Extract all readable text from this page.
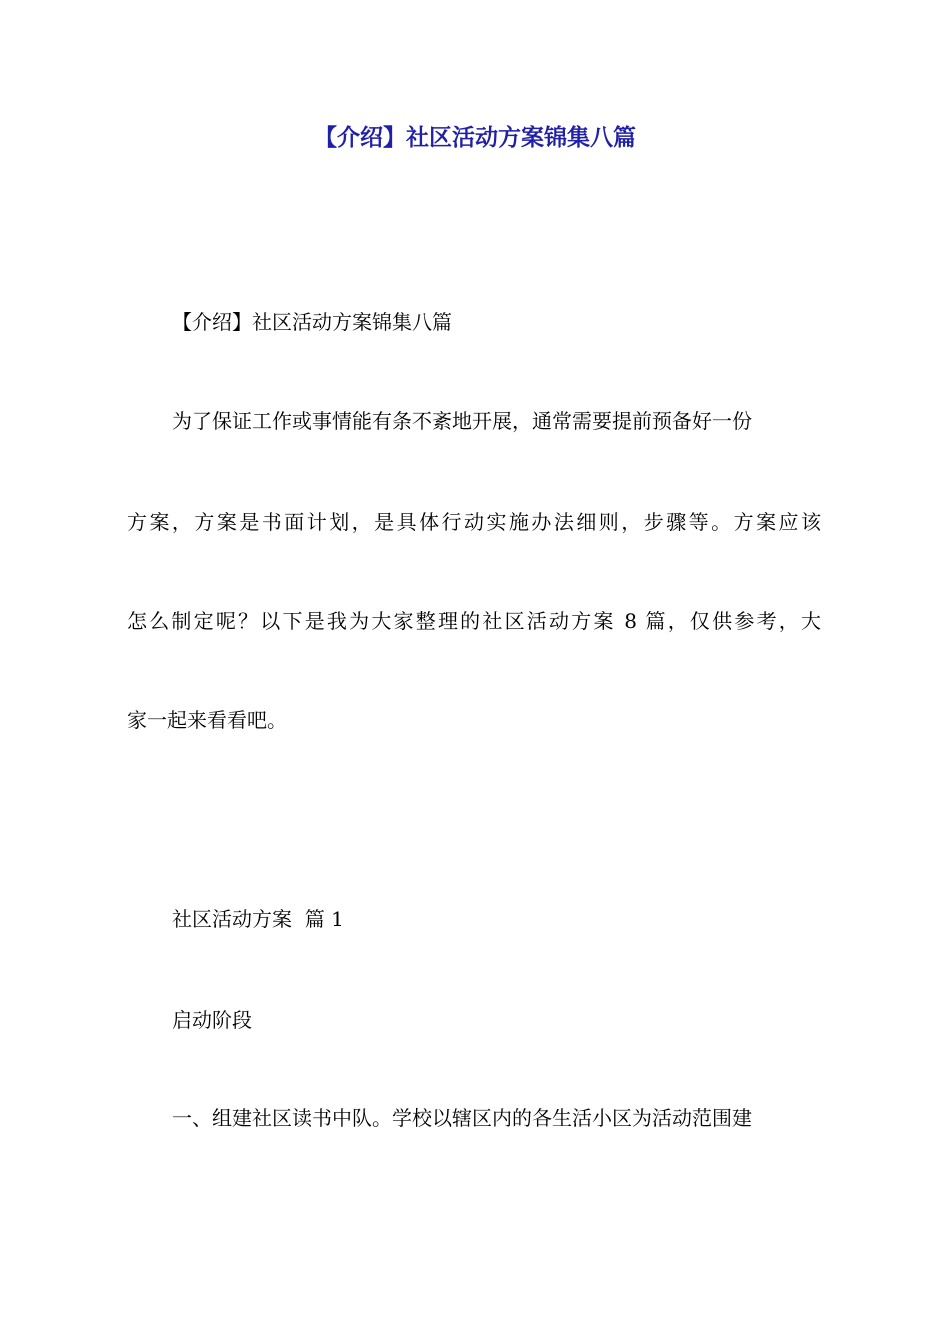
【介绍】社区活动方案锦集八篇
【介绍】社区活动方案锦集八篇
为了保证工作或事情能有条不紊地开展，通常需要提前预备好一份
方案，方案是书面计划，是具体行动实施办法细则，步骤等。方案应该
怎么制定呢？以下是我为大家整理的社区活动方案 8 篇，仅供参考，大
家一起来看看吧。
社区活动方案  篇 1
启动阶段
一、组建社区读书中队。学校以辖区内的各生活小区为活动范围建
